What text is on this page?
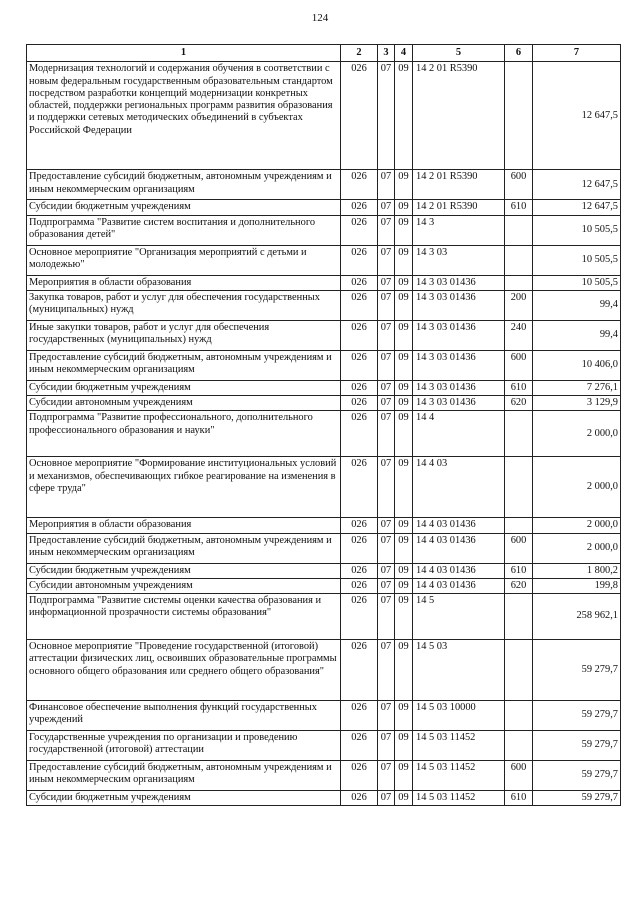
124
1	2	3	4	5	6	7
Модернизация технологий и содержания обучения в соответствии с новым федеральным государственным образовательным стандартом посредством разработки концепций модернизации конкретных областей, поддержки региональных программ развития образования и поддержки сетевых методических объединений в субъектах Российской Федерации	026	07	09	14 2 01 R5390		12 647,5
Предоставление субсидий бюджетным, автономным учреждениям и иным некоммерческим организациям	026	07	09	14 2 01 R5390	600	12 647,5
Субсидии бюджетным учреждениям	026	07	09	14 2 01 R5390	610	12 647,5
Подпрограмма "Развитие систем воспитания и дополнительного образования детей"	026	07	09	14 3		10 505,5
Основное мероприятие "Организация мероприятий с детьми и молодежью"	026	07	09	14 3 03		10 505,5
Мероприятия в области образования	026	07	09	14 3 03 01436		10 505,5
Закупка товаров, работ и услуг для обеспечения государственных (муниципальных) нужд	026	07	09	14 3 03 01436	200	99,4
Иные закупки товаров, работ и услуг для обеспечения государственных (муниципальных) нужд	026	07	09	14 3 03 01436	240	99,4
Предоставление субсидий бюджетным, автономным учреждениям и иным некоммерческим организациям	026	07	09	14 3 03 01436	600	10 406,0
Субсидии бюджетным учреждениям	026	07	09	14 3 03 01436	610	7 276,1
Субсидии автономным учреждениям	026	07	09	14 3 03 01436	620	3 129,9
Подпрограмма "Развитие профессионального, дополнительного профессионального образования и науки"	026	07	09	14 4		2 000,0
Основное мероприятие "Формирование институциональных условий и механизмов, обеспечивающих гибкое реагирование на изменения в сфере труда"	026	07	09	14 4 03		2 000,0
Мероприятия в области образования	026	07	09	14 4 03 01436		2 000,0
Предоставление субсидий бюджетным, автономным учреждениям и иным некоммерческим организациям	026	07	09	14 4 03 01436	600	2 000,0
Субсидии бюджетным учреждениям	026	07	09	14 4 03 01436	610	1 800,2
Субсидии автономным учреждениям	026	07	09	14 4 03 01436	620	199,8
Подпрограмма "Развитие системы оценки качества образования и информационной прозрачности системы образования"	026	07	09	14 5		258 962,1
Основное мероприятие "Проведение государственной (итоговой) аттестации физических лиц, освоивших образовательные программы основного общего образования или среднего общего образования"	026	07	09	14 5 03		59 279,7
Финансовое обеспечение выполнения функций государственных учреждений	026	07	09	14 5 03 10000		59 279,7
Государственные учреждения по организации и проведению государственной (итоговой) аттестации	026	07	09	14 5 03 11452		59 279,7
Предоставление субсидий бюджетным, автономным учреждениям и иным некоммерческим организациям	026	07	09	14 5 03 11452	600	59 279,7
Субсидии бюджетным учреждениям	026	07	09	14 5 03 11452	610	59 279,7
